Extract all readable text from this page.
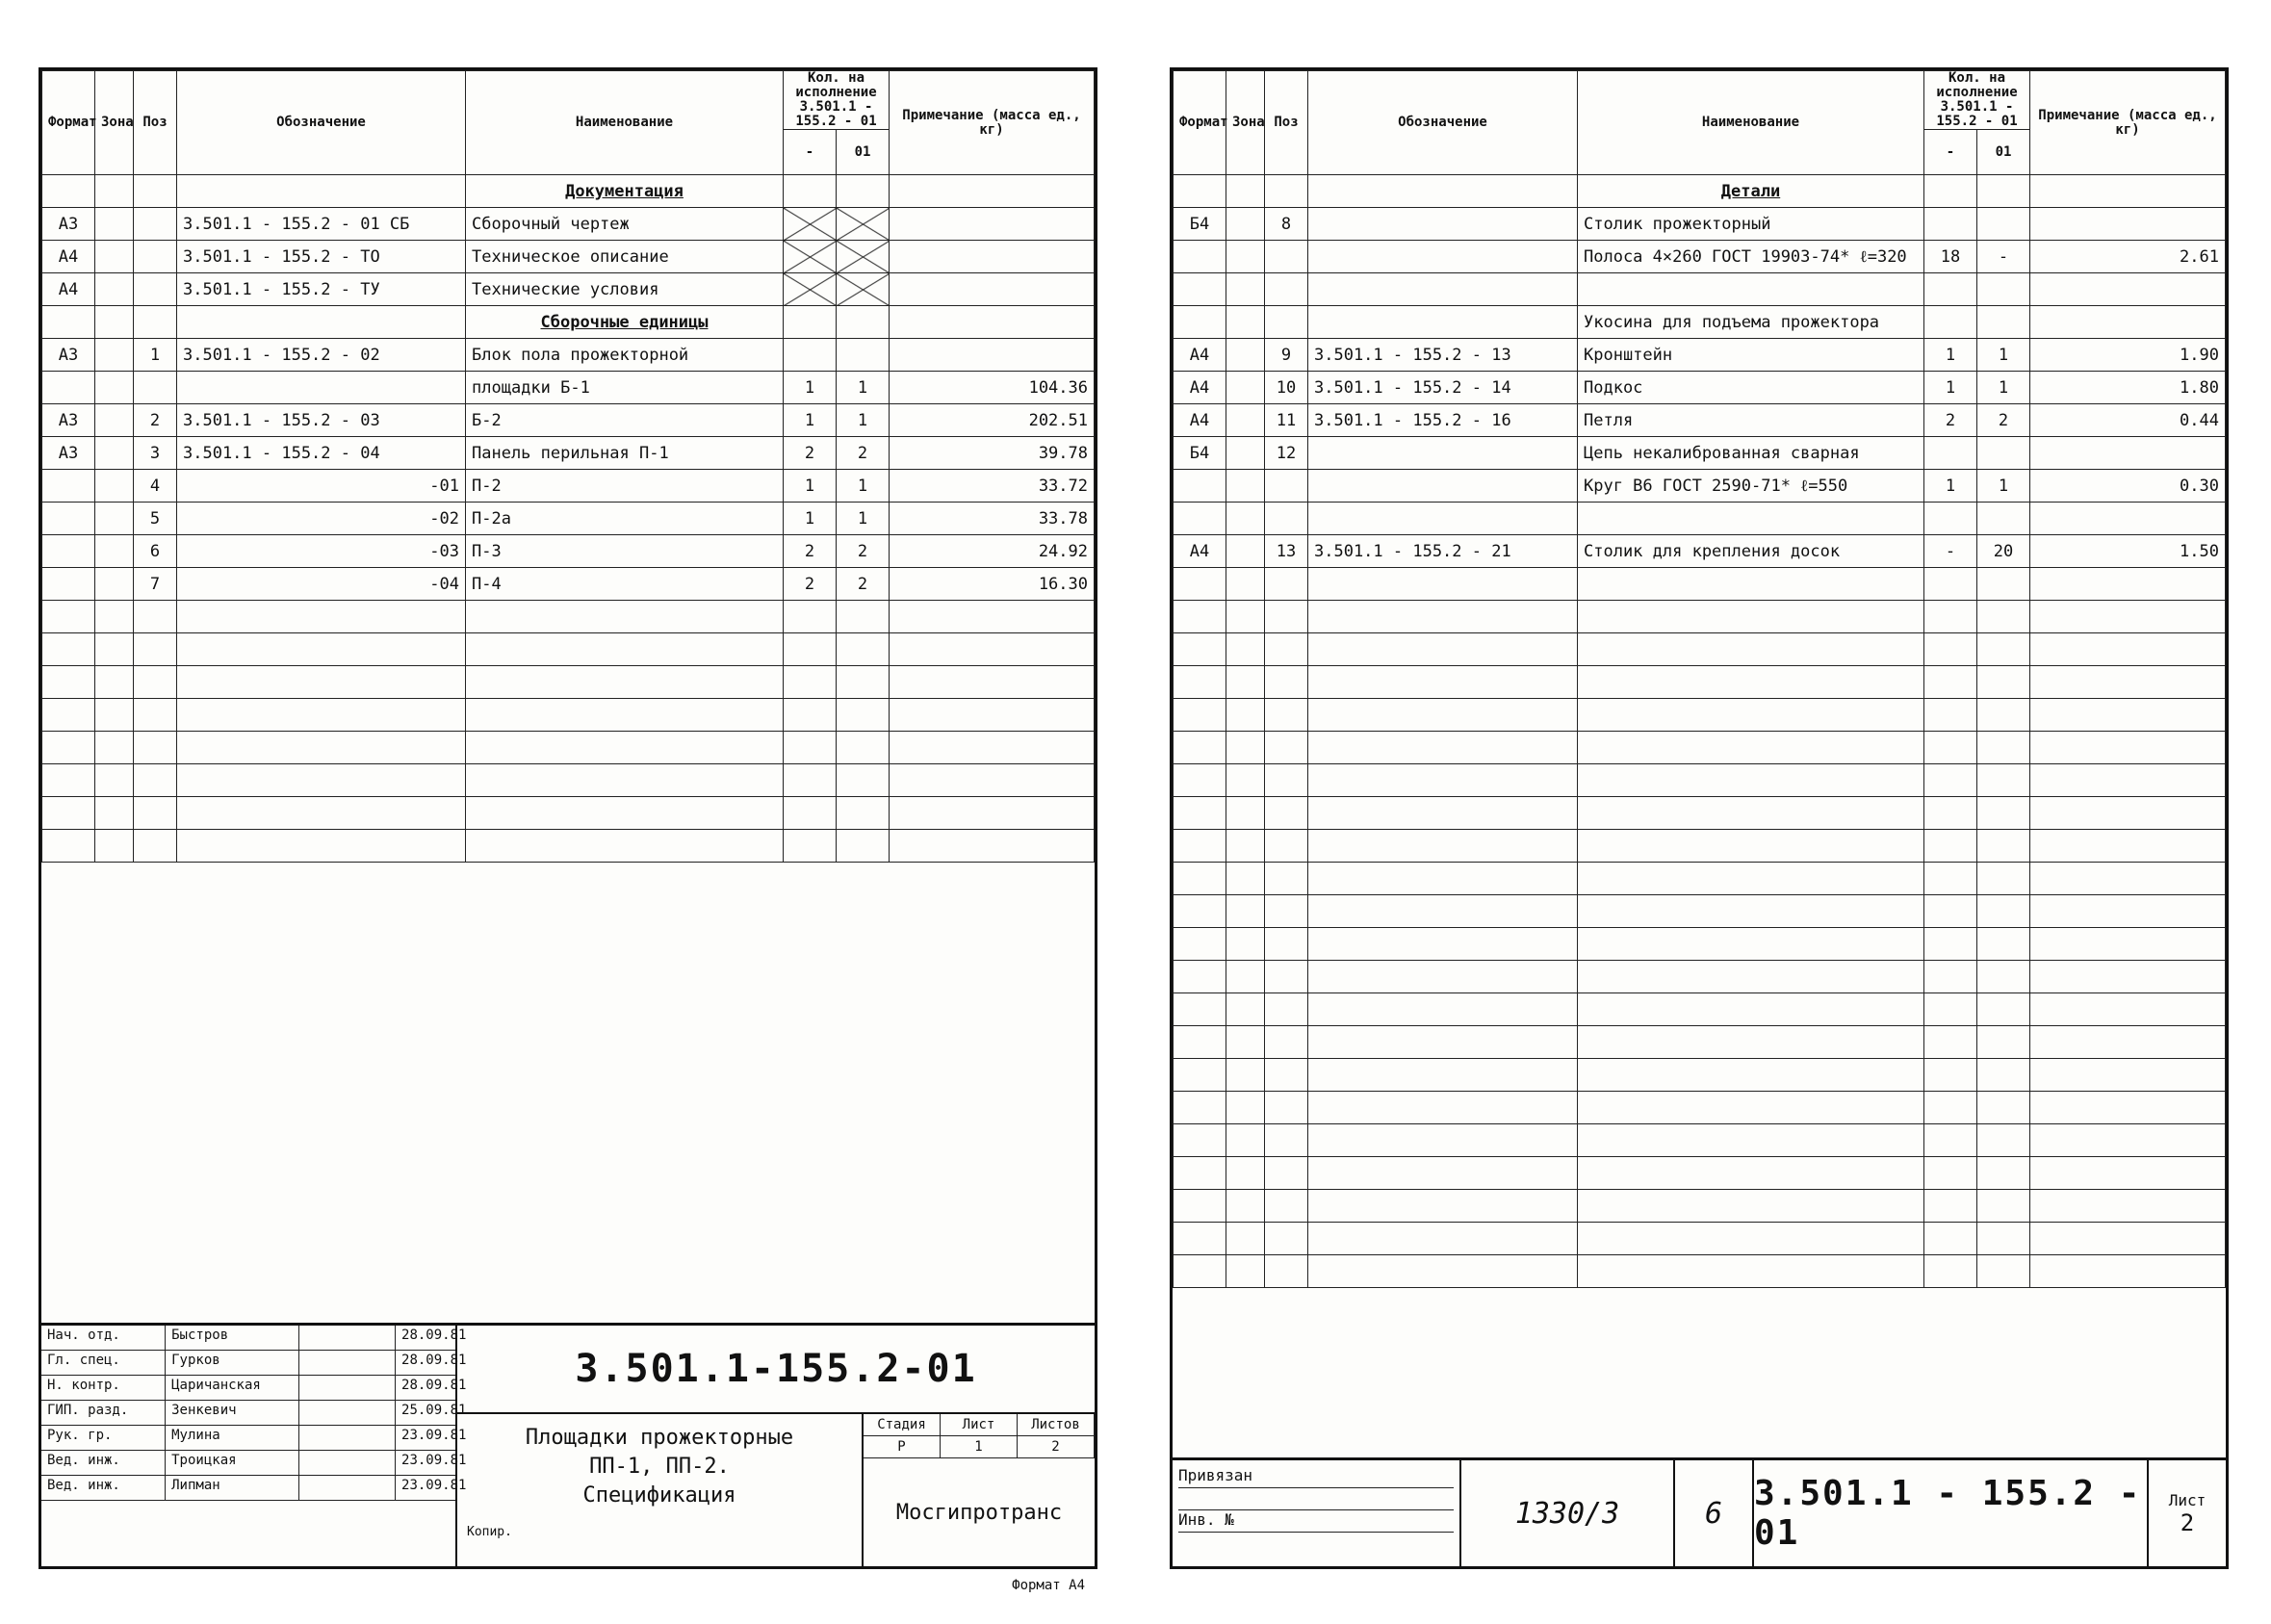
Формат	Зона	Поз	Обозначение	Наименование	Кол. на исполнение 3.501.1 - 155.2 - 01		Примечание (масса ед., кг)
					-	01	
				Документация			
А3			3.501.1 - 155.2 - 01 СБ	Сборочный чертеж			
А4			3.501.1 - 155.2 - ТО	Техническое описание			
А4			3.501.1 - 155.2 - ТУ	Технические условия			
				Сборочные единицы			
А3		1	3.501.1 - 155.2 - 02	Блок пола прожекторной			
				площадки Б-1	1	1	104.36
А3		2	3.501.1 - 155.2 - 03	Б-2	1	1	202.51
А3		3	3.501.1 - 155.2 - 04	Панель перильная П-1	2	2	39.78
		4	-01	П-2	1	1	33.72
		5	-02	П-2а	1	1	33.78
		6	-03	П-3	2	2	24.92
		7	-04	П-4	2	2	16.30

Нач. отд.	Быстров	28.09.81
Гл. спец.	Гурков	28.09.81
Н. контр.	Царичанская	28.09.81
ГИП. разд.	Зенкевич	25.09.81
Рук. гр.	Мулина	23.09.81
Вед. инж.	Троицкая	23.09.81
Вед. инж.	Липман	23.09.81
3.501.1-155.2-01
Площадки прожекторные
ПП-1, ПП-2.
Спецификация
Копир.
Стадия	Лист	Листов
Р	1	2
Мосгипротранс
Формат А4
Формат	Зона	Поз	Обозначение	Наименование	Кол. на исполнение 3.501.1 - 155.2 - 01		Примечание (масса ед., кг)
					-	01	
				Детали			
Б4		8		Столик прожекторный			
				Полоса 4×260 ГОСТ 19903-74* ℓ=320	18	-	2.61

				Укосина для подъема прожектора			
А4		9	3.501.1 - 155.2 - 13	Кронштейн	1	1	1.90
А4		10	3.501.1 - 155.2 - 14	Подкос	1	1	1.80
А4		11	3.501.1 - 155.2 - 16	Петля	2	2	0.44
Б4		12		Цепь некалиброванная сварная			
				Круг В6 ГОСТ 2590-71* ℓ=550	1	1	0.30

А4		13	3.501.1 - 155.2 - 21	Столик для крепления досок	-	20	1.50

Привязан
Инв. №	1330/3	6 3.501.1 - 155.2 - 01
Лист
2
